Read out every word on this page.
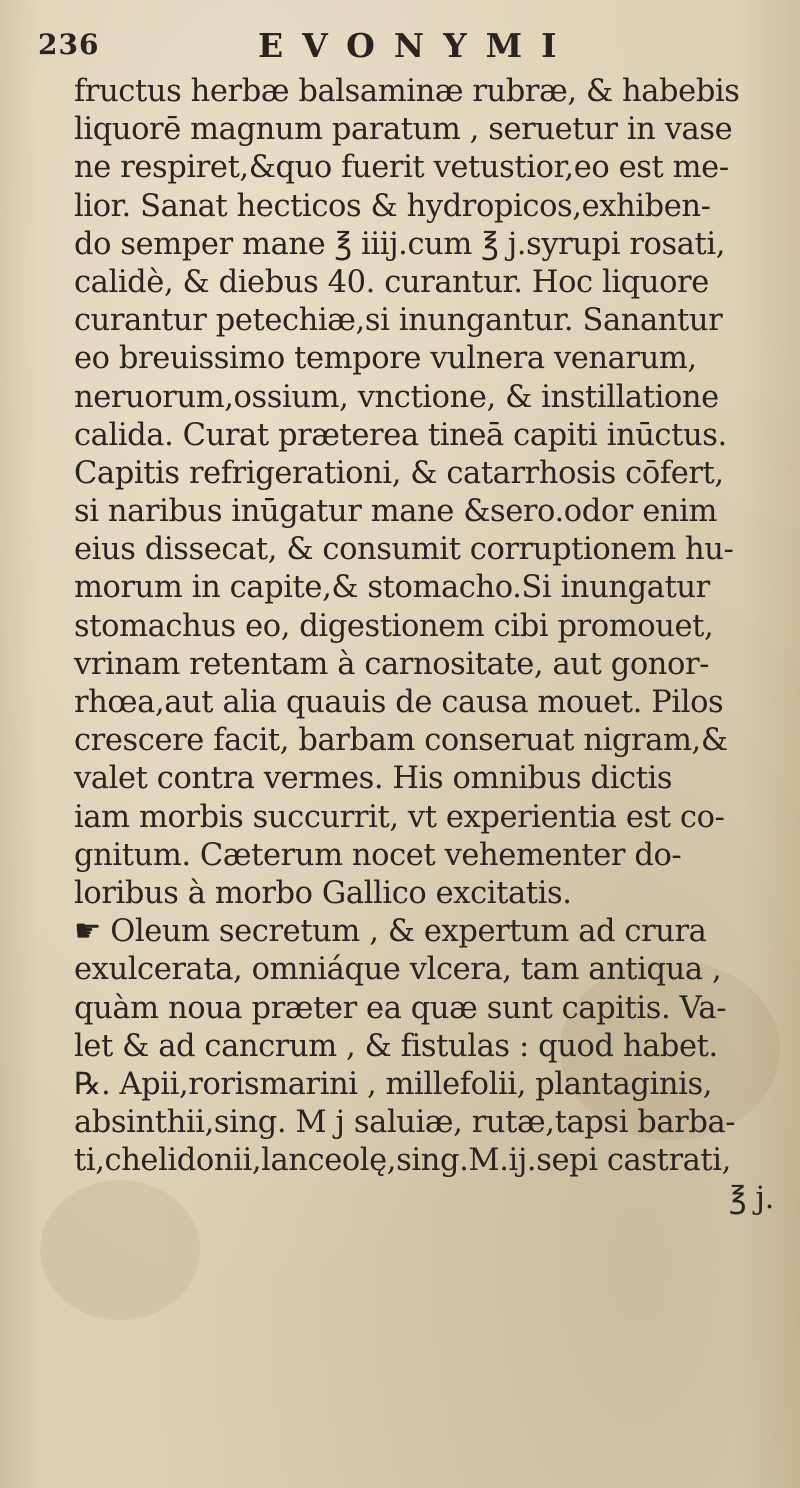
236	EVONYMI
fructus herbæ balsaminæ rubræ, & habebis
liquorē magnum paratum , seruetur in vase
ne respiret,&quo fuerit vetustior,eo est me-
lior. Sanat hecticos & hydropicos,exhiben-
do semper mane ℥ iiij.cum ℥ j.syrupi rosati,
calidè, & diebus 40. curantur. Hoc liquore
curantur petechiæ,si inungantur. Sanantur
eo breuissimo tempore vulnera venarum,
neruorum,ossium, vnctione, & instillatione
calida. Curat præterea tineā capiti inūctus.
Capitis refrigerationi, & catarrhosis cōfert,
si naribus inūgatur mane &sero.odor enim
eius dissecat, & consumit corruptionem hu-
morum in capite,& stomacho.Si inungatur
stomachus eo, digestionem cibi promouet,
vrinam retentam à carnositate, aut gonor-
rhœa,aut alia quauis de causa mouet. Pilos
crescere facit, barbam conseruat nigram,&
valet contra vermes. His omnibus dictis
iam morbis succurrit, vt experientia est co-
gnitum. Cæterum nocet vehementer do-
loribus à morbo Gallico excitatis.
☛ Oleum secretum , & expertum ad crura
exulcerata, omniáque vlcera, tam antiqua ,
quàm noua præter ea quæ sunt capitis. Va-
let & ad cancrum , & fistulas : quod habet.
℞. Apii,rorismarini , millefolii, plantaginis,
absinthii,sing. M j saluiæ, rutæ,tapsi barba-
ti,chelidonii,lanceolę,sing.M.ij.sepi castrati,
℥ j.
